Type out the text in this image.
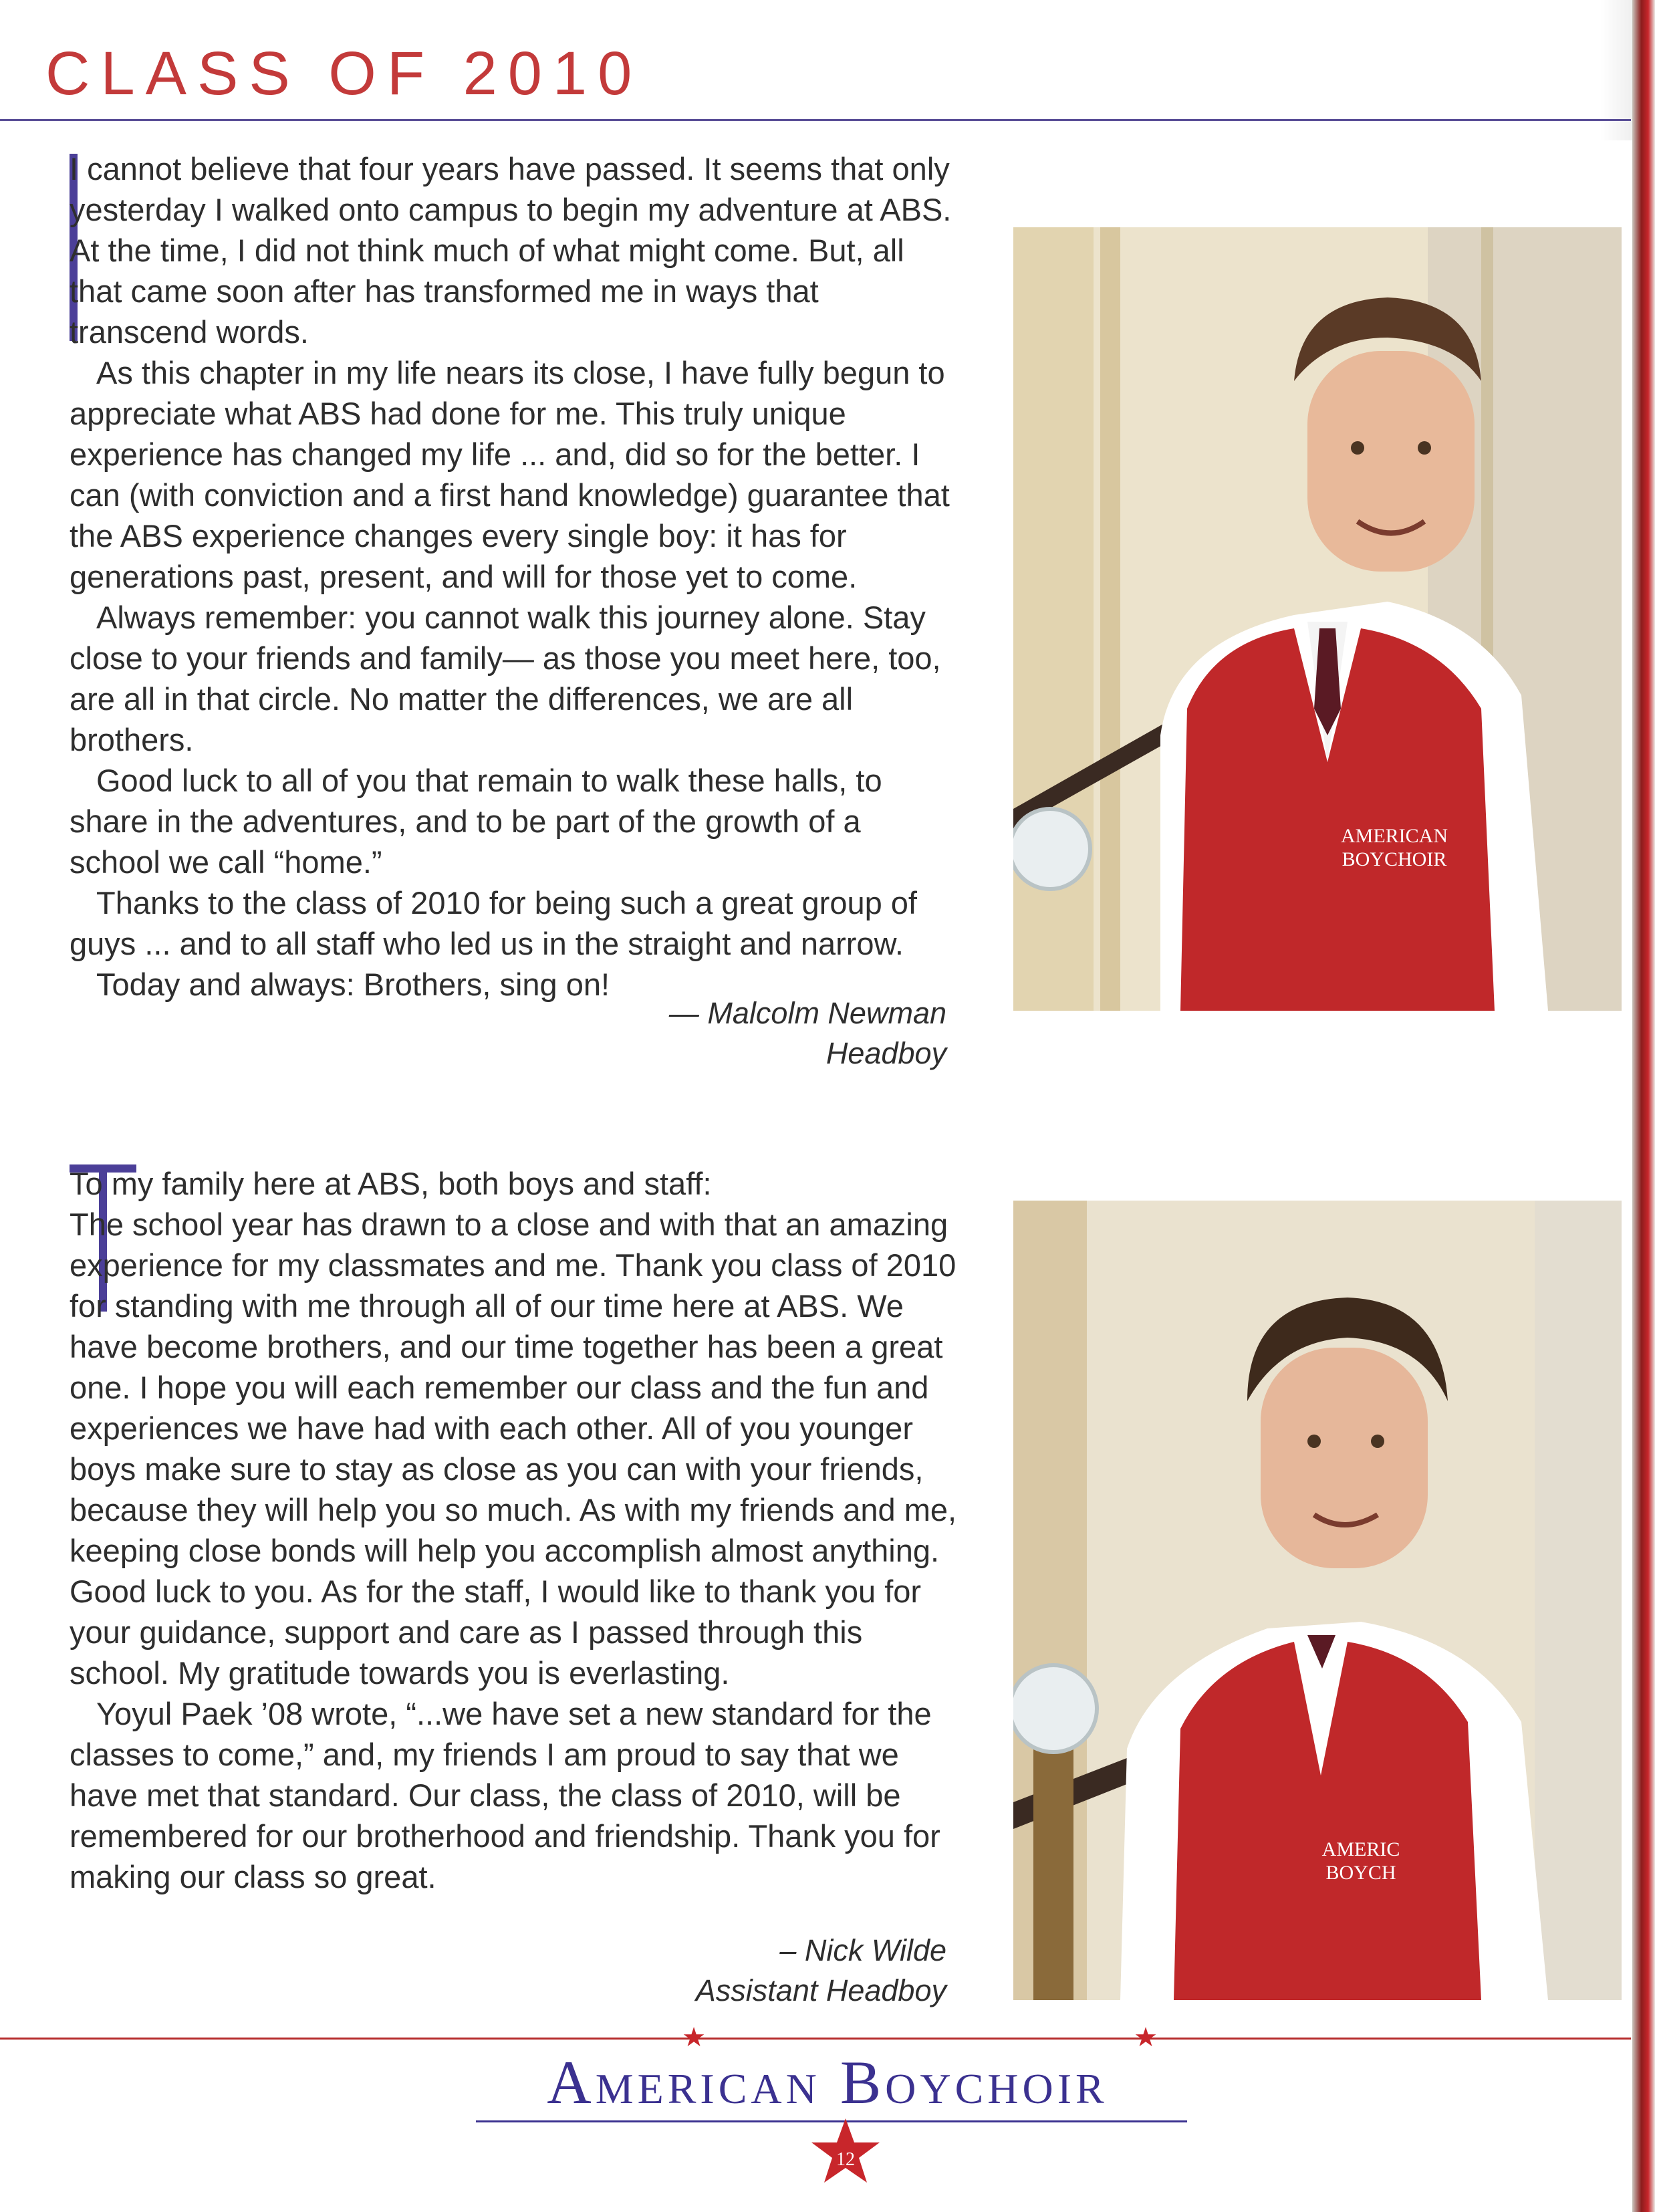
CLASS OF 2010

I cannot believe that four years have passed. It seems that only yesterday I walked onto campus to begin my adventure at ABS. At the time, I did not think much of what might come. But, all that came soon after has transformed me in ways that transcend words.

As this chapter in my life nears its close, I have fully begun to appreciate what ABS had done for me. This truly unique experience has changed my life ... and, did so for the better. I can (with conviction and a first hand knowledge) guarantee that the ABS experience changes every single boy: it has for generations past, present, and will for those yet to come.

Always remember: you cannot walk this journey alone. Stay close to your friends and family— as those you meet here, too, are all in that circle. No matter the differences, we are all brothers.

Good luck to all of you that remain to walk these halls, to share in the adventures, and to be part of the growth of a school we call “home.”

Thanks to the class of 2010 for being such a great group of guys ... and to all staff who led us in the straight and narrow.

Today and always: Brothers, sing on!

— Malcolm Newman
Headboy
AMERICAN
BOYCHOIR

To my family here at ABS, both boys and staff:

The school year has drawn to a close and with that an amazing experience for my classmates and me. Thank you class of 2010 for standing with me through all of our time here at ABS. We have become brothers, and our time together has been a great one. I hope you will each remember our class and the fun and experiences we have had with each other. All of you younger boys make sure to stay as close as you can with your friends, because they will help you so much. As with my friends and me, keeping close bonds will help you accomplish almost anything. Good luck to you. As for the staff, I would like to thank you for your guidance, support and care as I passed through this school. My gratitude towards you is everlasting.

Yoyul Paek ’08 wrote, “...we have set a new standard for the classes to come,” and, my friends I am proud to say that we have met that standard. Our class, the class of 2010, will be remembered for our brotherhood and friendship. Thank you for making our class so great.

– Nick Wilde
Assistant Headboy
AMERIC
BOYCH
★	★
American Boychoir
12
